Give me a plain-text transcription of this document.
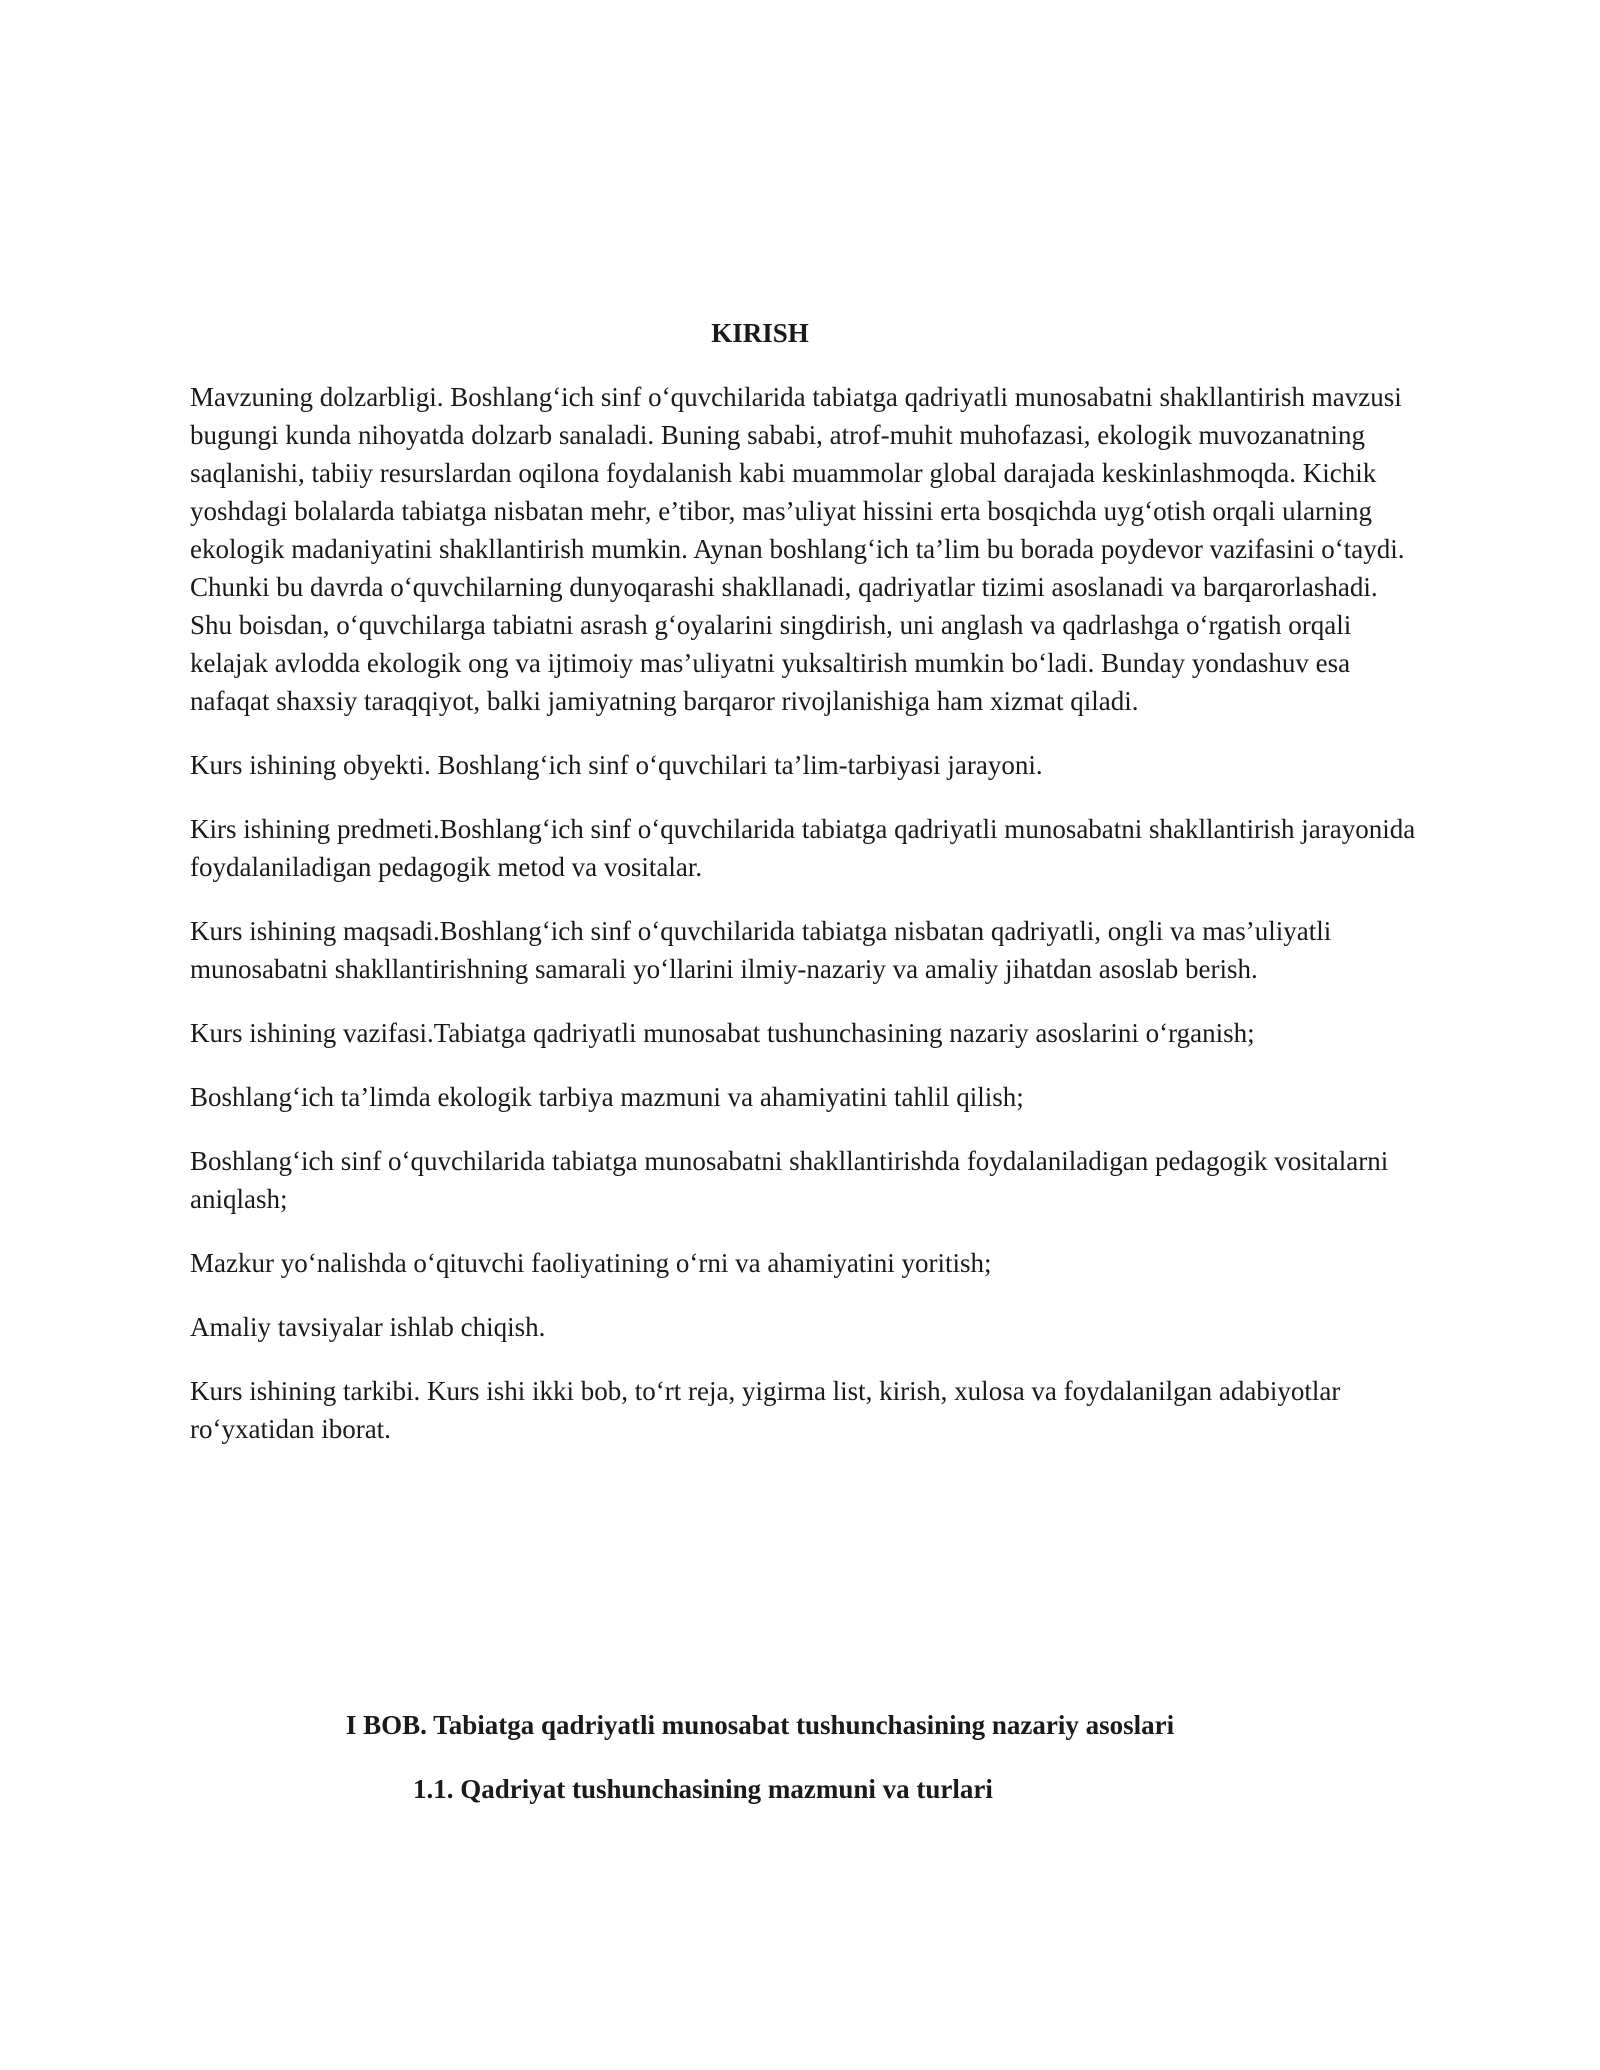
KIRISH

Mavzuning dolzarbligi. Boshlang‘ich sinf o‘quvchilarida tabiatga qadriyatli munosabatni shakllantirish mavzusi bugungi kunda nihoyatda dolzarb sanaladi. Buning sababi, atrof-muhit muhofazasi, ekologik muvozanatning saqlanishi, tabiiy resurslardan oqilona foydalanish kabi muammolar global darajada keskinlashmoqda. Kichik yoshdagi bolalarda tabiatga nisbatan mehr, e’tibor, mas’uliyat hissini erta bosqichda uyg‘otish orqali ularning ekologik madaniyatini shakllantirish mumkin. Aynan boshlang‘ich ta’lim bu borada poydevor vazifasini o‘taydi. Chunki bu davrda o‘quvchilarning dunyoqarashi shakllanadi, qadriyatlar tizimi asoslanadi va barqarorlashadi. Shu boisdan, o‘quvchilarga tabiatni asrash g‘oyalarini singdirish, uni anglash va qadrlashga o‘rgatish orqali kelajak avlodda ekologik ong va ijtimoiy mas’uliyatni yuksaltirish mumkin bo‘ladi. Bunday yondashuv esa nafaqat shaxsiy taraqqiyot, balki jamiyatning barqaror rivojlanishiga ham xizmat qiladi.

Kurs ishining obyekti. Boshlang‘ich sinf o‘quvchilari ta’lim-tarbiyasi jarayoni.

Kirs ishining predmeti.Boshlang‘ich sinf o‘quvchilarida tabiatga qadriyatli munosabatni shakllantirish jarayonida foydalaniladigan pedagogik metod va vositalar.

Kurs ishining maqsadi.Boshlang‘ich sinf o‘quvchilarida tabiatga nisbatan qadriyatli, ongli va mas’uliyatli munosabatni shakllantirishning samarali yo‘llarini ilmiy-nazariy va amaliy jihatdan asoslab berish.

Kurs ishining vazifasi.Tabiatga qadriyatli munosabat tushunchasining nazariy asoslarini o‘rganish;

Boshlang‘ich ta’limda ekologik tarbiya mazmuni va ahamiyatini tahlil qilish;

Boshlang‘ich sinf o‘quvchilarida tabiatga munosabatni shakllantirishda foydalaniladigan pedagogik vositalarni aniqlash;

Mazkur yo‘nalishda o‘qituvchi faoliyatining o‘rni va ahamiyatini yoritish;

Amaliy tavsiyalar ishlab chiqish.

Kurs ishining tarkibi. Kurs ishi ikki bob, to‘rt reja, yigirma list, kirish, xulosa va foydalanilgan adabiyotlar ro‘yxatidan iborat.

I BOB. Tabiatga qadriyatli munosabat tushunchasining nazariy asoslari
1.1. Qadriyat tushunchasining mazmuni va turlari
